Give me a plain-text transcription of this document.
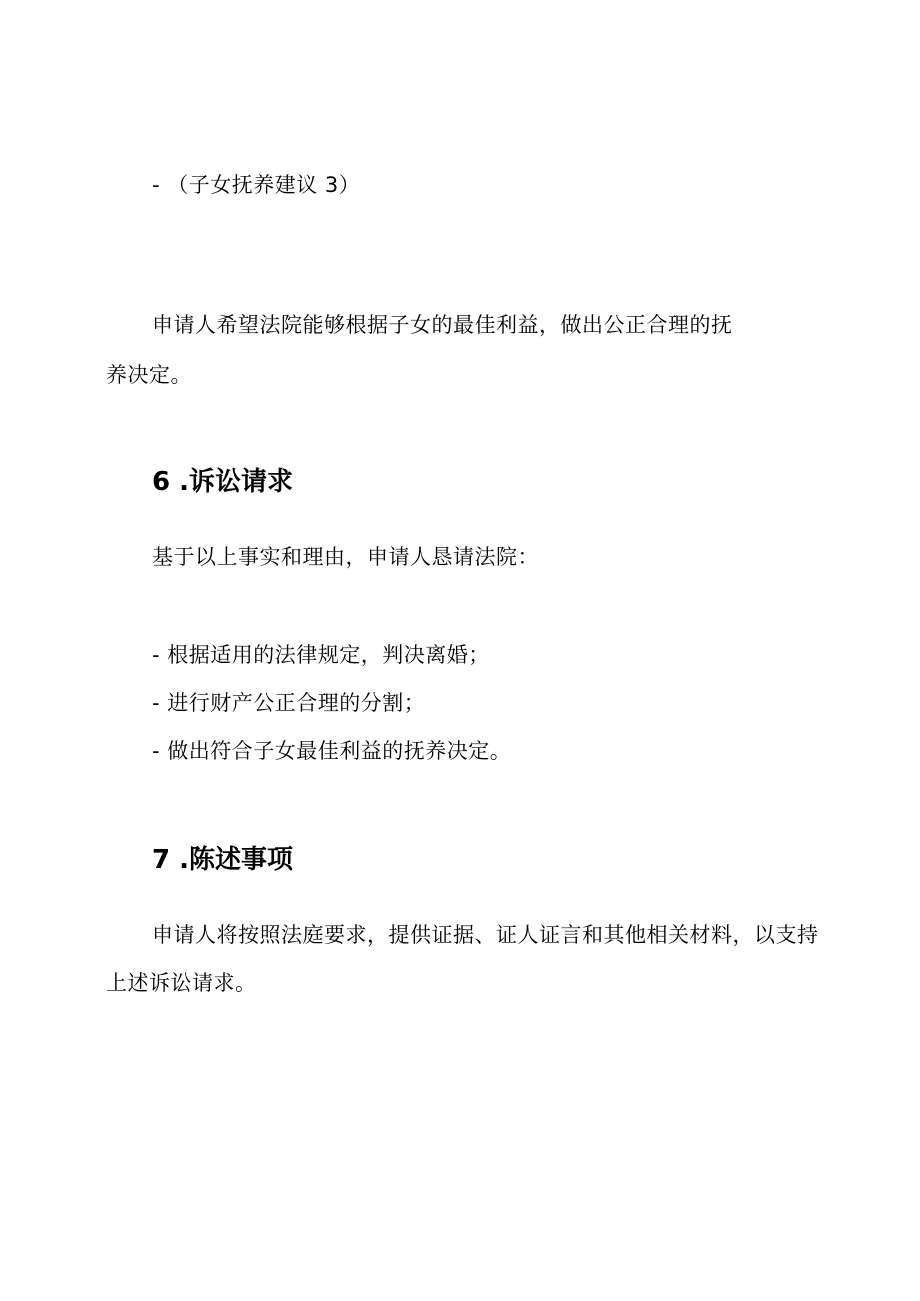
- （子女抚养建议 3）
申请人希望法院能够根据子女的最佳利益，做出公正合理的抚
养决定。
6 .诉讼请求
基于以上事实和理由，申请人恳请法院：
- 根据适用的法律规定，判决离婚；
- 进行财产公正合理的分割；
- 做出符合子女最佳利益的抚养决定。
7 .陈述事项
申请人将按照法庭要求，提供证据、证人证言和其他相关材料，以支持
上述诉讼请求。
